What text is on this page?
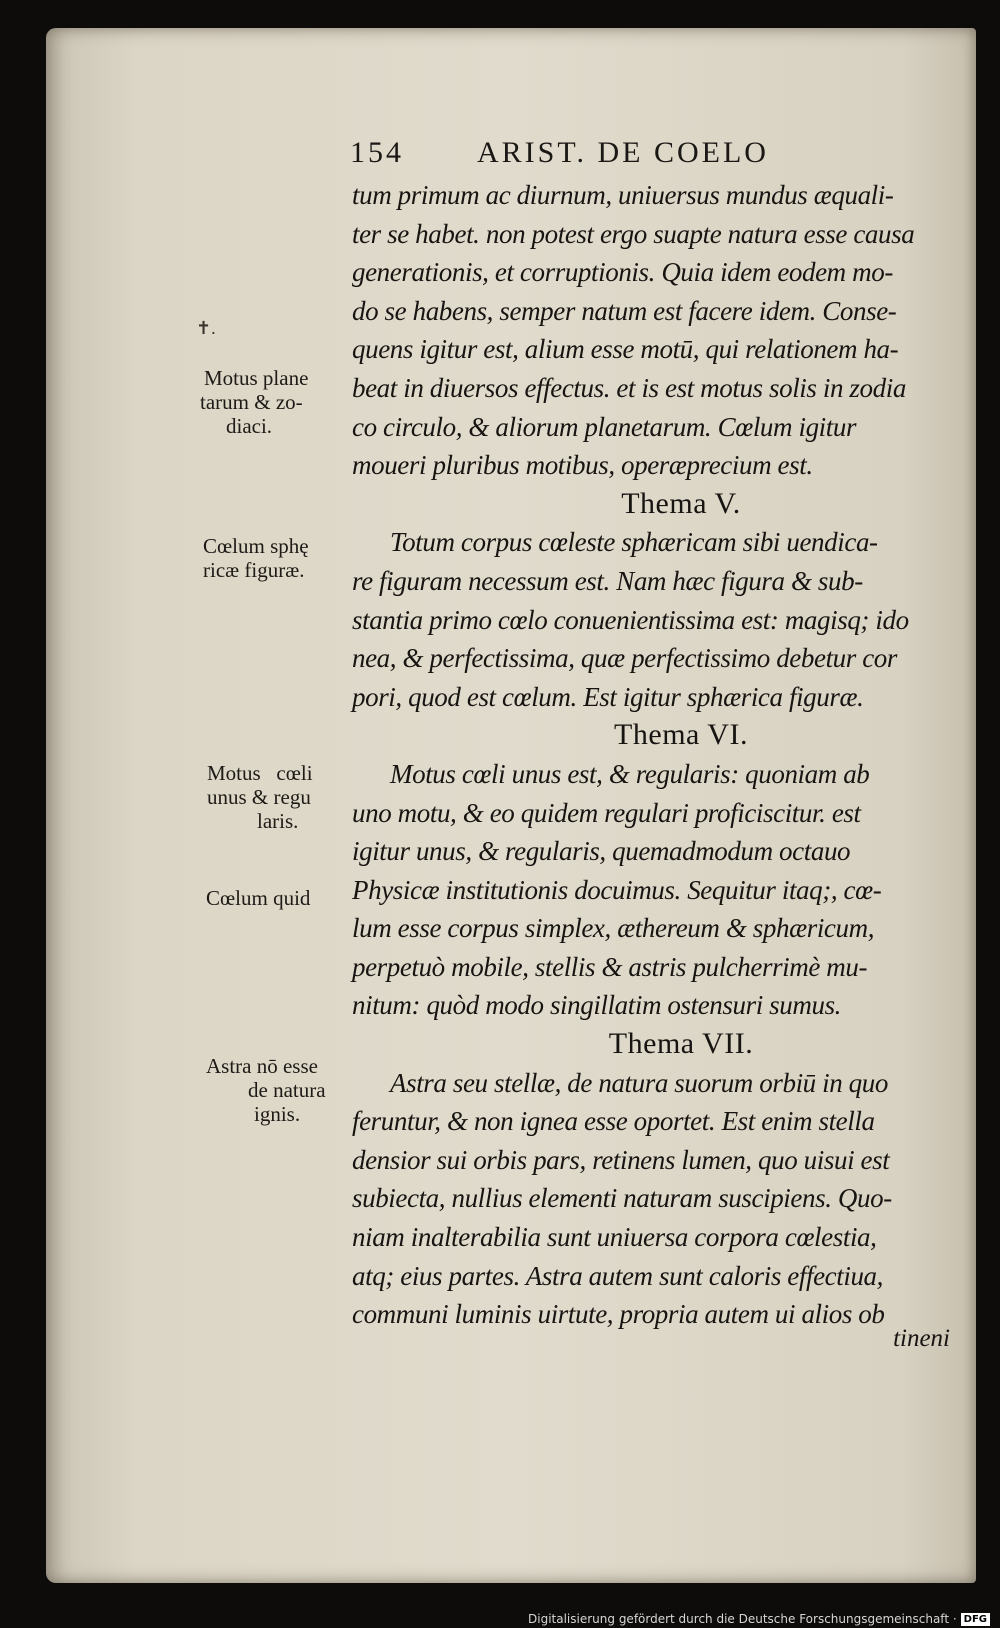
154 ARIST. DE COELO
tum primum ac diurnum, uniuersus mundus æquali-
ter se habet. non potest ergo suapte natura esse causa
generationis, et corruptionis. Quia idem eodem mo-
do se habens, semper natum est facere idem. Conse-
quens igitur est, alium esse motū, qui relationem ha-
beat in diuersos effectus. et is est motus solis in zodia
co circulo, & aliorum planetarum. Cœlum igitur
moueri pluribus motibus, operæprecium est.
Thema V.
Totum corpus cœleste sphæricam sibi uendica-
re figuram necessum est. Nam hæc figura & sub-
stantia primo cœlo conuenientissima est: magisq; ido
nea, & perfectissima, quæ perfectissimo debetur cor
pori, quod est cœlum. Est igitur sphærica figuræ.
Thema VI.
Motus cœli unus est, & regularis: quoniam ab
uno motu, & eo quidem regulari proficiscitur. est
igitur unus, & regularis, quemadmodum octauo
Physicæ institutionis docuimus. Sequitur itaq;, cœ-
lum esse corpus simplex, æthereum & sphæricum,
perpetuò mobile, stellis & astris pulcherrimè mu-
nitum: quòd modo singillatim ostensuri sumus.
Thema VII.
Astra seu stellæ, de natura suorum orbiū in quo
feruntur, & non ignea esse oportet. Est enim stella
densior sui orbis pars, retinens lumen, quo uisui est
subiecta, nullius elementi naturam suscipiens. Quo-
niam inalterabilia sunt uniuersa corpora cœlestia,
atq; eius partes. Astra autem sunt caloris effectiua,
communi luminis uirtute, propria autem ui alios ob
tineni
✝.
Motus plane
tarum & zo-
diaci.
Cœlum sphę
ricæ figuræ.
Motus   cœli
unus & regu
laris.
Cœlum quid
Astra nō esse
de natura
ignis.
Digitalisierung gefördert durch die Deutsche Forschungsgemeinschaft · DFG
